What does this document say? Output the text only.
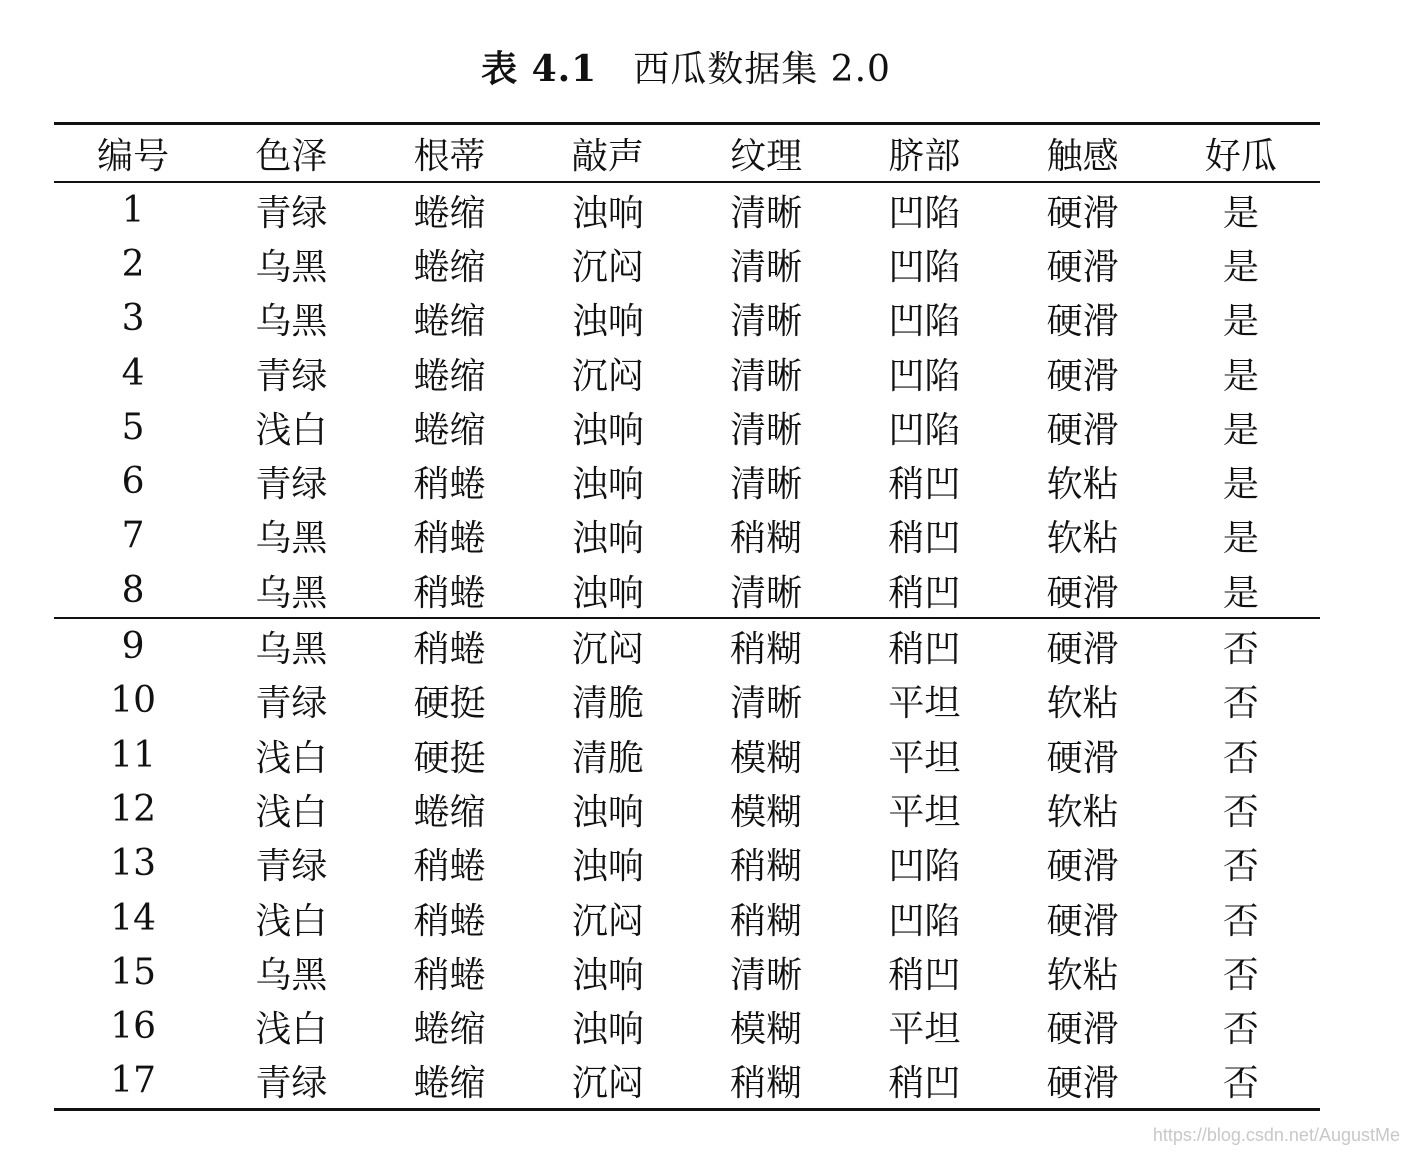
表 4.1 西瓜数据集 2.0
编号	色泽	根蒂	敲声	纹理	脐部	触感	好瓜
1	青绿	蜷缩	浊响	清晰	凹陷	硬滑	是
2	乌黑	蜷缩	沉闷	清晰	凹陷	硬滑	是
3	乌黑	蜷缩	浊响	清晰	凹陷	硬滑	是
4	青绿	蜷缩	沉闷	清晰	凹陷	硬滑	是
5	浅白	蜷缩	浊响	清晰	凹陷	硬滑	是
6	青绿	稍蜷	浊响	清晰	稍凹	软粘	是
7	乌黑	稍蜷	浊响	稍糊	稍凹	软粘	是
8	乌黑	稍蜷	浊响	清晰	稍凹	硬滑	是
9	乌黑	稍蜷	沉闷	稍糊	稍凹	硬滑	否
10	青绿	硬挺	清脆	清晰	平坦	软粘	否
11	浅白	硬挺	清脆	模糊	平坦	硬滑	否
12	浅白	蜷缩	浊响	模糊	平坦	软粘	否
13	青绿	稍蜷	浊响	稍糊	凹陷	硬滑	否
14	浅白	稍蜷	沉闷	稍糊	凹陷	硬滑	否
15	乌黑	稍蜷	浊响	清晰	稍凹	软粘	否
16	浅白	蜷缩	浊响	模糊	平坦	硬滑	否
17	青绿	蜷缩	沉闷	稍糊	稍凹	硬滑	否
https://blog.csdn.net/AugustMe
